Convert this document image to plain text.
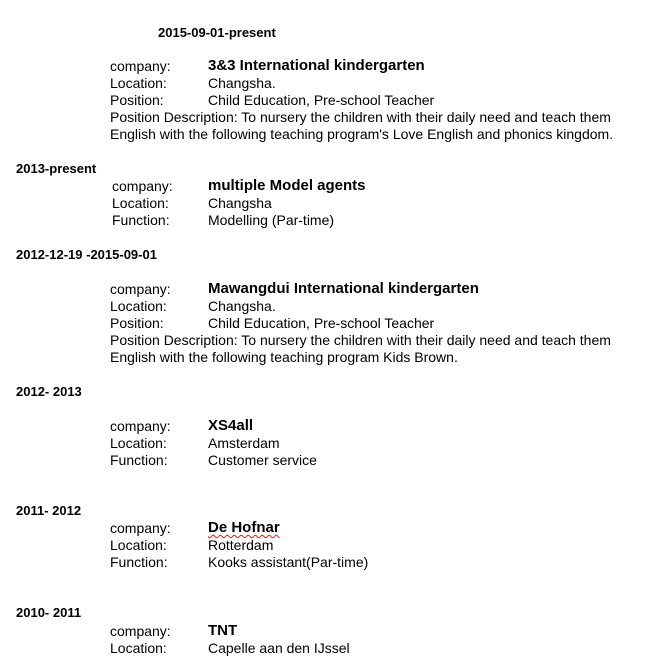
2015-09-01-present
company: 3&3 International kindergarten
Location:	Changsha.
Position:	Child Education, Pre-school Teacher
Position Description: To nursery the children with their daily need and teach them English with the following teaching program's Love English and phonics kingdom.
2013-present
company: multiple Model agents
Location:	Changsha
Function:	Modelling (Par-time)
2012-12-19 -2015-09-01
company: Mawangdui International kindergarten
Location:	Changsha.
Position:	Child Education, Pre-school Teacher
Position Description: To nursery the children with their daily need and teach them English with the following teaching program Kids Brown.
2012- 2013
company: XS4all
Location:	Amsterdam
Function:	Customer service
2011- 2012
company: De Hofnar
Location:	Rotterdam
Function:	Kooks assistant(Par-time)
2010- 2011
company: TNT
Location:	Capelle aan den IJssel
